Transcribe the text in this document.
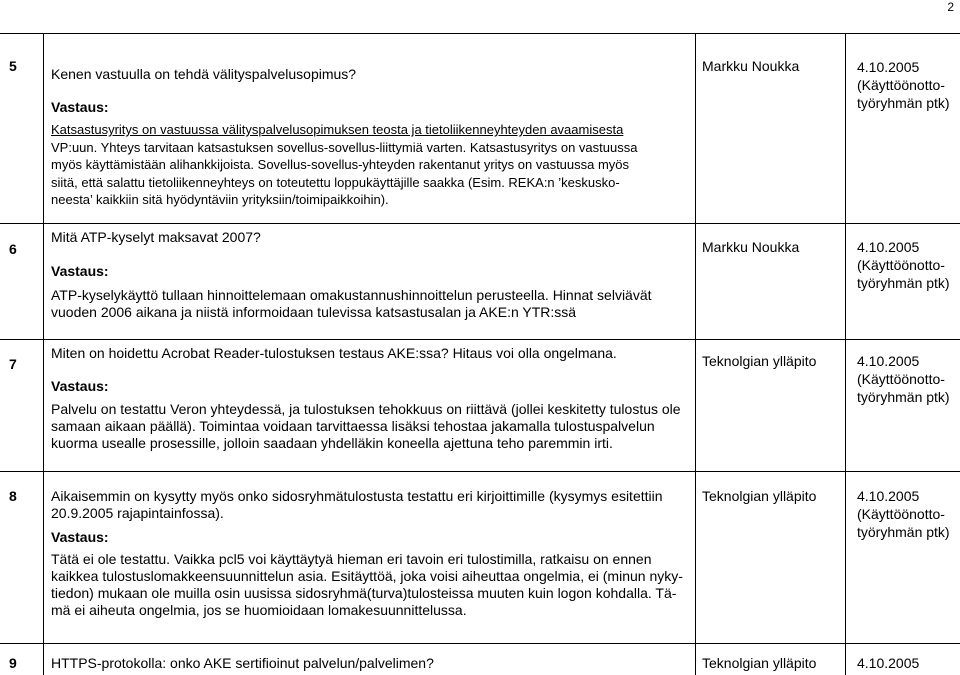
2
5 Kenen vastuulla on tehdä välityspalvelusopimus?
Vastaus:
Katsastusyritys on vastuussa välityspalvelusopimuksen teosta ja tietoliikenneyhteyden avaamisesta
VP:uun. Yhteys tarvitaan katsastuksen sovellus-sovellus-liittymiä varten. Katsastusyritys on vastuussa
myös käyttämistään alihankkijoista. Sovellus-sovellus-yhteyden rakentanut yritys on vastuussa myös
siitä, että salattu tietoliikenneyhteys on toteutettu loppukäyttäjille saakka (Esim. REKA:n ’keskusko-
neesta’ kaikkiin sitä hyödyntäviin yrityksiin/toimipaikkoihin).
Markku Noukka	4.10.2005
(Käyttöönotto-
työryhmän ptk)
6
Mitä ATP-kyselyt maksavat 2007?
Vastaus:
ATP-kyselykäyttö tullaan hinnoittelemaan omakustannushinnoittelun perusteella. Hinnat selviävät
vuoden 2006 aikana ja niistä informoidaan tulevissa katsastusalan ja AKE:n YTR:ssä
Markku Noukka	4.10.2005
(Käyttöönotto-
työryhmän ptk)
7
Miten on hoidettu Acrobat Reader-tulostuksen testaus AKE:ssa? Hitaus voi olla ongelmana.
Vastaus:
Palvelu on testattu Veron yhteydessä, ja tulostuksen tehokkuus on riittävä (jollei keskitetty tulostus ole
samaan aikaan päällä). Toimintaa voidaan tarvittaessa lisäksi tehostaa jakamalla tulostuspalvelun
kuorma usealle prosessille, jolloin saadaan yhdelläkin koneella ajettuna teho paremmin irti.
Teknolgian ylläpito	4.10.2005
(Käyttöönotto-
työryhmän ptk)
8 Aikaisemmin on kysytty myös onko sidosryhmätulostusta testattu eri kirjoittimille (kysymys esitettiin
20.9.2005 rajapintainfossa).
Vastaus:
Tätä ei ole testattu. Vaikka pcl5 voi käyttäytyä hieman eri tavoin eri tulostimilla, ratkaisu on ennen
kaikkea tulostuslomakkeensuunnittelun asia. Esitäyttöä, joka voisi aiheuttaa ongelmia, ei (minun nyky-
tiedon) mukaan ole muilla osin uusissa sidosryhmä(turva)tulosteissa muuten kuin logon kohdalla. Tä-
mä ei aiheuta ongelmia, jos se huomioidaan lomakesuunnittelussa.
Teknolgian ylläpito	4.10.2005
(Käyttöönotto-
työryhmän ptk)
9 HTTPS-protokolla: onko AKE sertifioinut palvelun/palvelimen?	Teknolgian ylläpito	4.10.2005
